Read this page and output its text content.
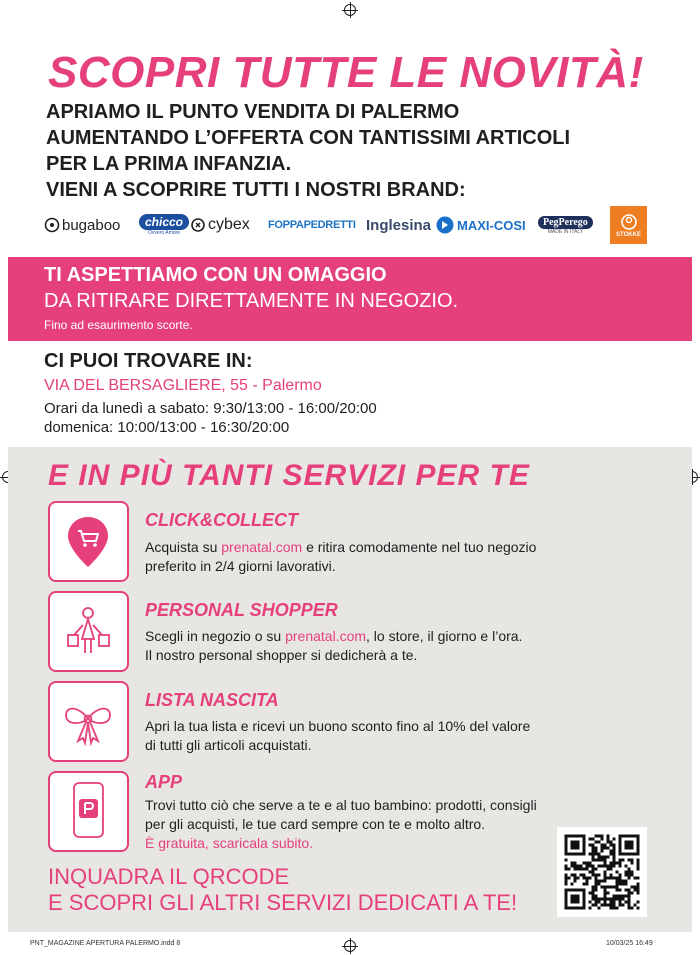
SCOPRI TUTTE LE NOVITÀ!
APRIAMO IL PUNTO VENDITA DI PALERMO
AUMENTANDO L’OFFERTA CON TANTISSIMI ARTICOLI
PER LA PRIMA INFANZIA.
VIENI A SCOPRIRE TUTTI I NOSTRI BRAND:
bugaboo	chicco
Ovvero Amore cybex FOPPAPEDRETTI Inglesina MAXI-COSI	PegPerego
MADE IN ITALY
STOKKE
TI ASPETTIAMO CON UN OMAGGIO
DA RITIRARE DIRETTAMENTE IN NEGOZIO.
Fino ad esaurimento scorte.
CI PUOI TROVARE IN:
VIA DEL BERSAGLIERE, 55 - Palermo
Orari da lunedì a sabato: 9:30/13:00 - 16:00/20:00
domenica: 10:00/13:00 - 16:30/20:00
E IN PIÙ TANTI SERVIZI PER TE
CLICK&COLLECT
Acquista su prenatal.com e ritira comodamente nel tuo negozio
preferito in 2/4 giorni lavorativi.
PERSONAL SHOPPER
Scegli in negozio o su prenatal.com, lo store, il giorno e l’ora.
Il nostro personal shopper si dedicherà a te.
LISTA NASCITA
Apri la tua lista e ricevi un buono sconto fino al 10% del valore
di tutti gli articoli acquistati.
APP
Trovi tutto ciò che serve a te e al tuo bambino: prodotti, consigli
per gli acquisti, le tue card sempre con te e molto altro.
È gratuita, scaricala subito.
INQUADRA IL QRCODE
E SCOPRI GLI ALTRI SERVIZI DEDICATI A TE!
PNT_MAGAZINE APERTURA PALERMO.indd 8	10/03/25 16:49
